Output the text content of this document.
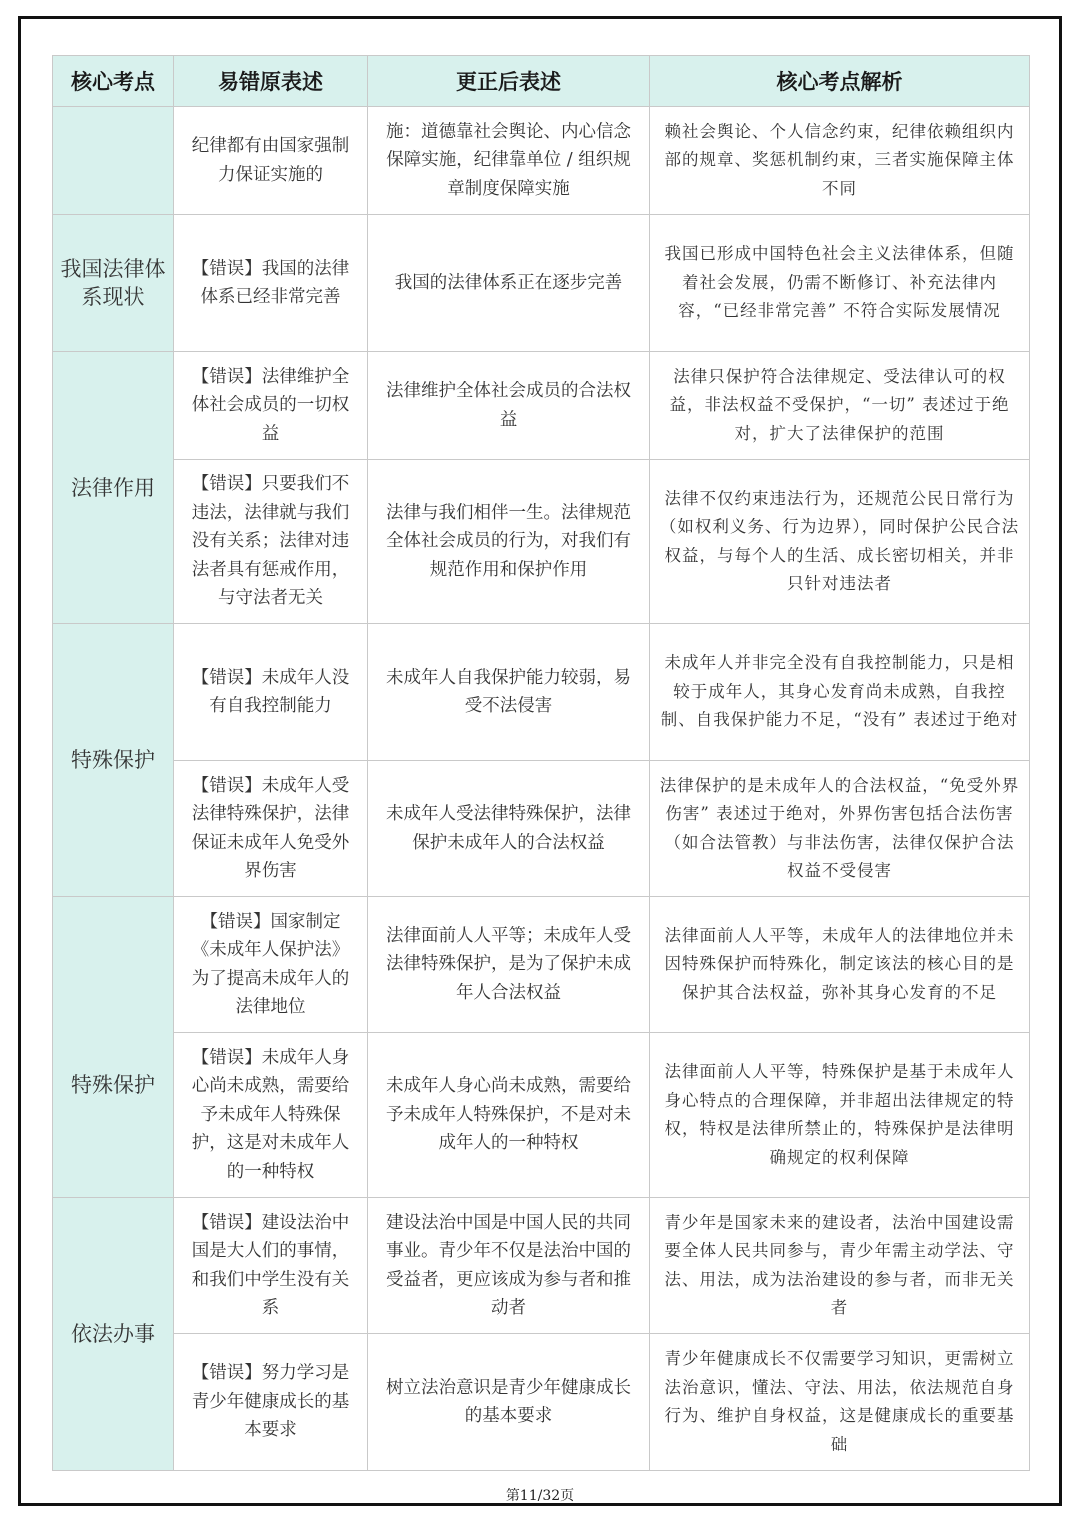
核心考点	易错原表述	更正后表述	核心考点解析
	纪律都有由国家强制力保证实施的	施：道德靠社会舆论、内心信念保障实施，纪律靠单位 / 组织规章制度保障实施	赖社会舆论、个人信念约束，纪律依赖组织内部的规章、奖惩机制约束，三者实施保障主体不同
我国法律体系现状	【错误】我国的法律体系已经非常完善	我国的法律体系正在逐步完善	我国已形成中国特色社会主义法律体系，但随着社会发展，仍需不断修订、补充法律内容，“已经非常完善” 不符合实际发展情况
法律作用	【错误】法律维护全体社会成员的一切权益	法律维护全体社会成员的合法权益	法律只保护符合法律规定、受法律认可的权益，非法权益不受保护，“一切” 表述过于绝对，扩大了法律保护的范围
	【错误】只要我们不违法，法律就与我们没有关系；法律对违法者具有惩戒作用，与守法者无关	法律与我们相伴一生。法律规范全体社会成员的行为，对我们有规范作用和保护作用	法律不仅约束违法行为，还规范公民日常行为（如权利义务、行为边界），同时保护公民合法权益，与每个人的生活、成长密切相关，并非只针对违法者
特殊保护	【错误】未成年人没有自我控制能力	未成年人自我保护能力较弱，易受不法侵害	未成年人并非完全没有自我控制能力，只是相较于成年人，其身心发育尚未成熟，自我控制、自我保护能力不足，“没有” 表述过于绝对
	【错误】未成年人受法律特殊保护，法律保证未成年人免受外界伤害	未成年人受法律特殊保护，法律保护未成年人的合法权益	法律保护的是未成年人的合法权益，“免受外界伤害” 表述过于绝对，外界伤害包括合法伤害（如合法管教）与非法伤害，法律仅保护合法权益不受侵害
特殊保护	【错误】国家制定《未成年人保护法》为了提高未成年人的法律地位	法律面前人人平等；未成年人受法律特殊保护，是为了保护未成年人合法权益	法律面前人人平等，未成年人的法律地位并未因特殊保护而特殊化，制定该法的核心目的是保护其合法权益，弥补其身心发育的不足
	【错误】未成年人身心尚未成熟，需要给予未成年人特殊保护，这是对未成年人的一种特权	未成年人身心尚未成熟，需要给予未成年人特殊保护，不是对未成年人的一种特权	法律面前人人平等，特殊保护是基于未成年人身心特点的合理保障，并非超出法律规定的特权，特权是法律所禁止的，特殊保护是法律明确规定的权利保障
依法办事	【错误】建设法治中国是大人们的事情，和我们中学生没有关系	建设法治中国是中国人民的共同事业。青少年不仅是法治中国的受益者，更应该成为参与者和推动者	青少年是国家未来的建设者，法治中国建设需要全体人民共同参与，青少年需主动学法、守法、用法，成为法治建设的参与者，而非无关者
	【错误】努力学习是青少年健康成长的基本要求	树立法治意识是青少年健康成长的基本要求	青少年健康成长不仅需要学习知识，更需树立法治意识，懂法、守法、用法，依法规范自身行为、维护自身权益，这是健康成长的重要基础
第11/32页
